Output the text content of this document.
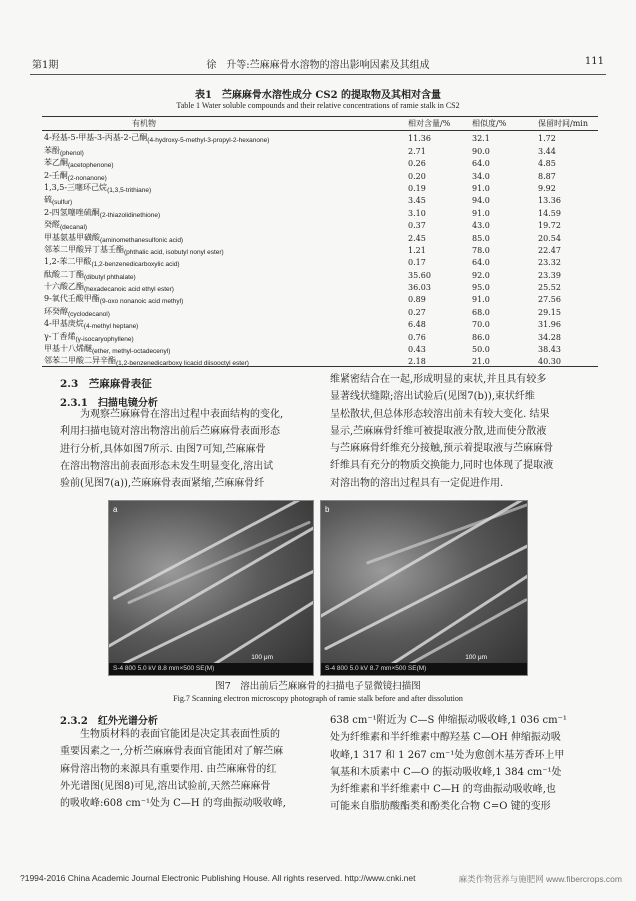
第1期	徐　升等:苎麻麻骨水溶物的溶出影响因素及其组成	111
表1　苎麻麻骨水溶性成分 CS2 的提取物及其相对含量
Table 1 Water soluble compounds and their relative concentrations of ramie stalk in CS2
有机物	相对含量/%	相似度/%	保留时间/min
4-羟基-5-甲基-3-丙基-2-己酮$_{(4-hydroxy-5-methyl-3-propyl-2-hexanone)}$	11.36	32.1	1.72
苯酚$_{(phenol)}$	2.71	90.0	3.44
苯乙酮$_{(acetophenone)}$	0.26	64.0	4.85
2-壬酮$_{(2-nonanone)}$	0.20	34.0	8.87
1,3,5-三噻环己烷$_{(1,3,5-trithiane)}$	0.19	91.0	9.92
硫$_{(sulfur)}$	3.45	94.0	13.36
2-四氢噻唑硫酮$_{(2-thiazolidinethione)}$	3.10	91.0	14.59
癸醛$_{(decanal)}$	0.37	43.0	19.72
甲基氨基甲磺酸$_{(aminomethanesulfonic acid)}$	2.45	85.0	20.54
邻苯二甲酸异丁基壬酯$_{(phthalic acid, isobutyl nonyl ester)}$	1.21	78.0	22.47
1,2-苯二甲酸$_{(1,2-benzenedicarboxylic acid)}$	0.17	64.0	23.32
酞酸二丁酯$_{(dibutyl phthalate)}$	35.60	92.0	23.39
十六酸乙酯$_{(hexadecanoic acid ethyl ester)}$	36.03	95.0	25.52
9-氧代壬酸甲酯$_{(9-oxo nonanoic acid methyl)}$	0.89	91.0	27.56
环癸醇$_{(cyclodecanol)}$	0.27	68.0	29.15
4-甲基庚烷$_{(4-methyl heptane)}$	6.48	70.0	31.96
γ-丁香烯$_{(\gamma-isocaryophyllene)}$	0.76	86.0	34.28
甲基十八烯醚$_{(ether, methyl-octadecenyl)}$	0.43	50.0	38.43
邻苯二甲酸二异辛酯$_{(1,2-benzenedicarboxy licacid diisooctyl ester)}$	2.18	21.0	40.30
2.3　苎麻麻骨表征
2.3.1　扫描电镜分析
为观察苎麻麻骨在溶出过程中表面结构的变化,
利用扫描电镜对溶出物溶出前后苎麻麻骨表面形态
进行分析,具体如图7所示. 由图7可知,苎麻麻骨
在溶出物溶出前表面形态未发生明显变化,溶出试
验前(见图7(a)),苎麻麻骨表面紧缩,苎麻麻骨纤
维紧密结合在一起,形成明显的束状,并且具有较多
显著线状缝隙;溶出试验后(见图7(b)),束状纤维
呈松散状,但总体形态较溶出前未有较大变化. 结果
显示,苎麻麻骨纤维可被提取液分散,进而使分散液
与苎麻麻骨纤维充分接触,预示着提取液与苎麻麻骨
纤维具有充分的物质交换能力,同时也体现了提取液
对溶出物的溶出过程具有一定促进作用.
a
100 μm
S-4 800 5.0 kV 8.8 mm×500 SE(M)
b
100 μm
S-4 800 5.0 kV 8.7 mm×500 SE(M)
图7　溶出前后苎麻麻骨的扫描电子显微镜扫描图
Fig.7 Scanning electron microscopy photograph of ramie stalk before and after dissolution
2.3.2　红外光谱分析
生物质材料的表面官能团是决定其表面性质的
重要因素之一,分析苎麻麻骨表面官能团对了解苎麻
麻骨溶出物的来源具有重要作用. 由苎麻麻骨的红
外光谱图(见图8)可见,溶出试验前,天然苎麻麻骨
的吸收峰:608 cm⁻¹处为 C—H 的弯曲振动吸收峰,
638 cm⁻¹附近为 C—S 伸缩振动吸收峰,1 036 cm⁻¹
处为纤维素和半纤维素中醇羟基 C—OH 伸缩振动吸
收峰,1 317 和 1 267 cm⁻¹处为愈创木基芳香环上甲
氧基和木质素中 C—O 的振动吸收峰,1 384 cm⁻¹处
为纤维素和半纤维素中 C—H 的弯曲振动吸收峰,也
可能来自脂肪酸酯类和酚类化合物 C=O 键的变形
?1994-2016 China Academic Journal Electronic Publishing House. All rights reserved. http://www.cnki.net	麻类作物营养与施肥网 www.fibercrops.com
